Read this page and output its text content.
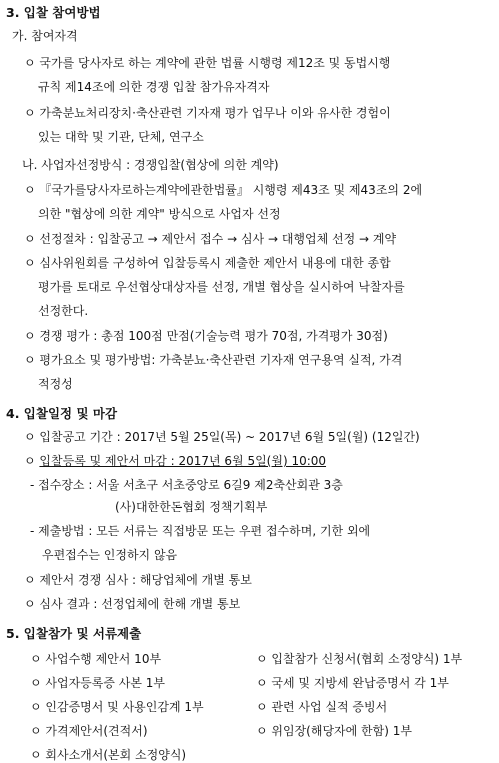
3. 입찰 참여방법
가. 참여자격
ㅇ 국가를 당사자로 하는 계약에 관한 법률 시행령 제12조 및 동법시행
규칙 제14조에 의한 경쟁 입찰 참가유자격자
ㅇ 가축분뇨처리장치·축산관련 기자재 평가 업무나 이와 유사한 경험이
있는 대학 및 기관, 단체, 연구소
나. 사업자선정방식 : 경쟁입찰(협상에 의한 계약)
ㅇ 『국가를당사자로하는계약에관한법률』 시행령 제43조 및 제43조의 2에
의한 "협상에 의한 계약" 방식으로 사업자 선정
ㅇ 선정절차 : 입찰공고 → 제안서 접수 → 심사 → 대행업체 선정 → 계약
ㅇ 심사위원회를 구성하여 입찰등록시 제출한 제안서 내용에 대한 종합
평가를 토대로 우선협상대상자를 선정, 개별 협상을 실시하여 낙찰자를
선정한다.
ㅇ 경쟁 평가 : 총점 100점 만점(기술능력 평가 70점, 가격평가 30점)
ㅇ 평가요소 및 평가방법: 가축분뇨·축산관련 기자재 연구용역 실적, 가격
적정성
4. 입찰일정 및 마감
ㅇ 입찰공고 기간 : 2017년 5월 25일(목) ~ 2017년 6월 5일(월) (12일간)
ㅇ 입찰등록 및 제안서 마감 : 2017년 6월 5일(월) 10:00
- 접수장소 : 서울 서초구 서초중앙로 6길9 제2축산회관 3층
(사)대한한돈협회 정책기획부
- 제출방법 : 모든 서류는 직접방문 또는 우편 접수하며, 기한 외에
우편접수는 인정하지 않음
ㅇ 제안서 경쟁 심사 : 해당업체에 개별 통보
ㅇ 심사 결과 : 선정업체에 한해 개별 통보
5. 입찰참가 및 서류제출
ㅇ 사업수행 제안서 10부
ㅇ 사업자등록증 사본 1부
ㅇ 인감증명서 및 사용인감계 1부
ㅇ 가격제안서(견적서)
ㅇ 회사소개서(본회 소정양식)
ㅇ 입찰참가 신청서(협회 소정양식) 1부
ㅇ 국세 및 지방세 완납증명서 각 1부
ㅇ 관련 사업 실적 증빙서
ㅇ 위임장(해당자에 한함) 1부
